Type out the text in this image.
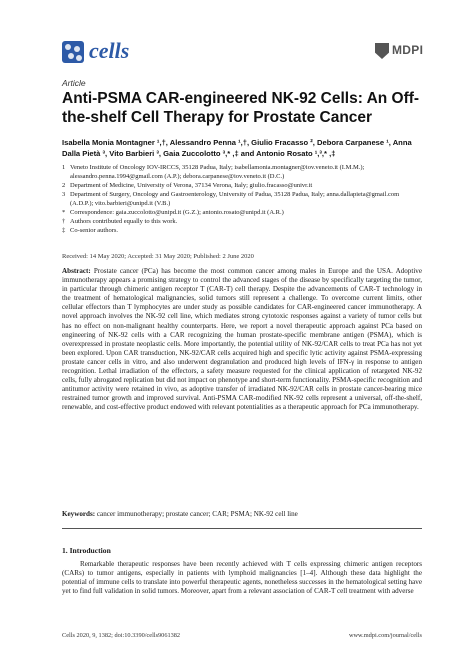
cells	MDPI
Article
Anti-PSMA CAR-engineered NK-92 Cells: An Off-the-shelf Cell Therapy for Prostate Cancer
Isabella Monia Montagner ¹,†, Alessandro Penna ¹,†, Giulio Fracasso ², Debora Carpanese ¹, Anna Dalla Pietà ³, Vito Barbieri ³, Gaia Zuccolotto ³,* ,‡ and Antonio Rosato ¹,³,* ,‡
1 Veneto Institute of Oncology IOV-IRCCS, 35128 Padua, Italy; isabellamonia.montagner@iov.veneto.it (I.M.M.); alessandro.penna.1994@gmail.com (A.P.); debora.carpanese@iov.veneto.it (D.C.)
2 Department of Medicine, University of Verona, 37134 Verona, Italy; giulio.fracasso@univr.it
3 Department of Surgery, Oncology and Gastroenterology, University of Padua, 35128 Padua, Italy; anna.dallapieta@gmail.com (A.D.P.); vito.barbieri@unipd.it (V.B.)
* Correspondence: gaia.zuccolotto@unipd.it (G.Z.); antonio.rosato@unipd.it (A.R.)
† Authors contributed equally to this work.
‡ Co-senior authors.
Received: 14 May 2020; Accepted: 31 May 2020; Published: 2 June 2020
Abstract: Prostate cancer (PCa) has become the most common cancer among males in Europe and the USA. Adoptive immunotherapy appears a promising strategy to control the advanced stages of the disease by specifically targeting the tumor, in particular through chimeric antigen receptor T (CAR-T) cell therapy. Despite the advancements of CAR-T technology in the treatment of hematological malignancies, solid tumors still represent a challenge. To overcome current limits, other cellular effectors than T lymphocytes are under study as possible candidates for CAR-engineered cancer immunotherapy. A novel approach involves the NK-92 cell line, which mediates strong cytotoxic responses against a variety of tumor cells but has no effect on non-malignant healthy counterparts. Here, we report a novel therapeutic approach against PCa based on engineering of NK-92 cells with a CAR recognizing the human prostate-specific membrane antigen (PSMA), which is overexpressed in prostate neoplastic cells. More importantly, the potential utility of NK-92/CAR cells to treat PCa has not yet been explored. Upon CAR transduction, NK-92/CAR cells acquired high and specific lytic activity against PSMA-expressing prostate cancer cells in vitro, and also underwent degranulation and produced high levels of IFN-γ in response to antigen recognition. Lethal irradiation of the effectors, a safety measure requested for the clinical application of retargeted NK-92 cells, fully abrogated replication but did not impact on phenotype and short-term functionality. PSMA-specific recognition and antitumor activity were retained in vivo, as adoptive transfer of irradiated NK-92/CAR cells in prostate cancer-bearing mice restrained tumor growth and improved survival. Anti-PSMA CAR-modified NK-92 cells represent a universal, off-the-shelf, renewable, and cost-effective product endowed with relevant potentialities as a therapeutic approach for PCa immunotherapy.
Keywords: cancer immunotherapy; prostate cancer; CAR; PSMA; NK-92 cell line
1. Introduction
Remarkable therapeutic responses have been recently achieved with T cells expressing chimeric antigen receptors (CARs) to tumor antigens, especially in patients with lymphoid malignancies [1–4]. Although these data highlight the potential of immune cells to translate into powerful therapeutic agents, nonetheless successes in the hematological setting have yet to find full validation in solid tumors. Moreover, apart from a relevant association of CAR-T cell treatment with adverse
Cells 2020, 9, 1382; doi:10.3390/cells9061382	www.mdpi.com/journal/cells
